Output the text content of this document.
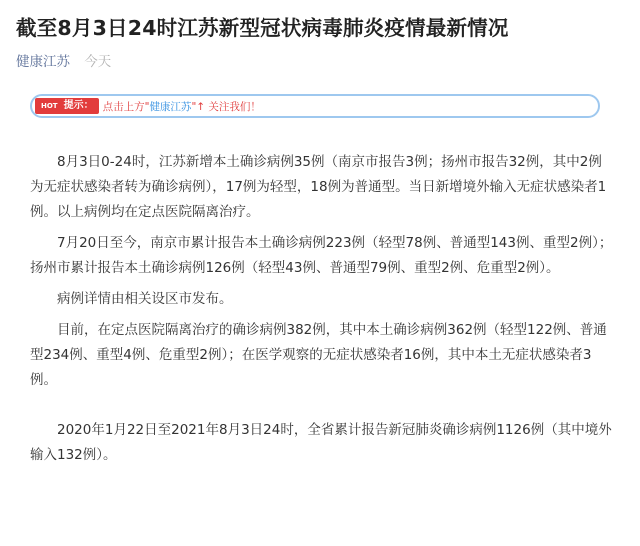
截至8月3日24时江苏新型冠状病毒肺炎疫情最新情况
健康江苏 今天
HOT 提示： 点击上方" 健康江苏 "↑ 关注我们！

8月3日0-24时，江苏新增本土确诊病例35例（南京市报告3例；扬州市报告32例，其中2例为无症状感染者转为确诊病例），17例为轻型，18例为普通型。当日新增境外输入无症状感染者1例。以上病例均在定点医院隔离治疗。

7月20日至今，南京市累计报告本土确诊病例223例（轻型78例、普通型143例、重型2例）；扬州市累计报告本土确诊病例126例（轻型43例、普通型79例、重型2例、危重型2例）。

病例详情由相关设区市发布。

目前，在定点医院隔离治疗的确诊病例382例，其中本土确诊病例362例（轻型122例、普通型234例、重型4例、危重型2例）；在医学观察的无症状感染者16例，其中本土无症状感染者3例。

2020年1月22日至2021年8月3日24时，全省累计报告新冠肺炎确诊病例1126例（其中境外输入132例）。
